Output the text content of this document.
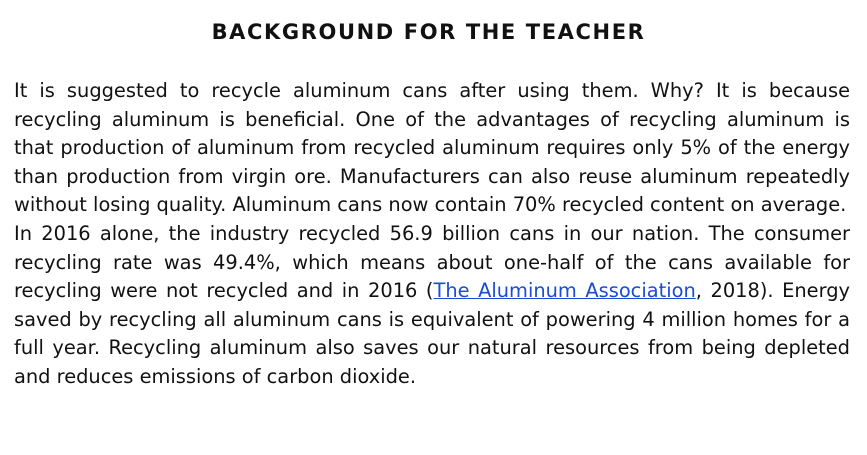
BACKGROUND FOR THE TEACHER

It is suggested to recycle aluminum cans after using them. Why? It is because recycling aluminum is beneficial. One of the advantages of recycling aluminum is that production of aluminum from recycled aluminum requires only 5% of the energy than production from virgin ore. Manufacturers can also reuse aluminum repeatedly without losing quality. Aluminum cans now contain 70% recycled content on average.

In 2016 alone, the industry recycled 56.9 billion cans in our nation. The consumer recycling rate was 49.4%, which means about one-half of the cans available for recycling were not recycled and in 2016 (The Aluminum Association, 2018). Energy saved by recycling all aluminum cans is equivalent of powering 4 million homes for a full year. Recycling aluminum also saves our natural resources from being depleted and reduces emissions of carbon dioxide.
